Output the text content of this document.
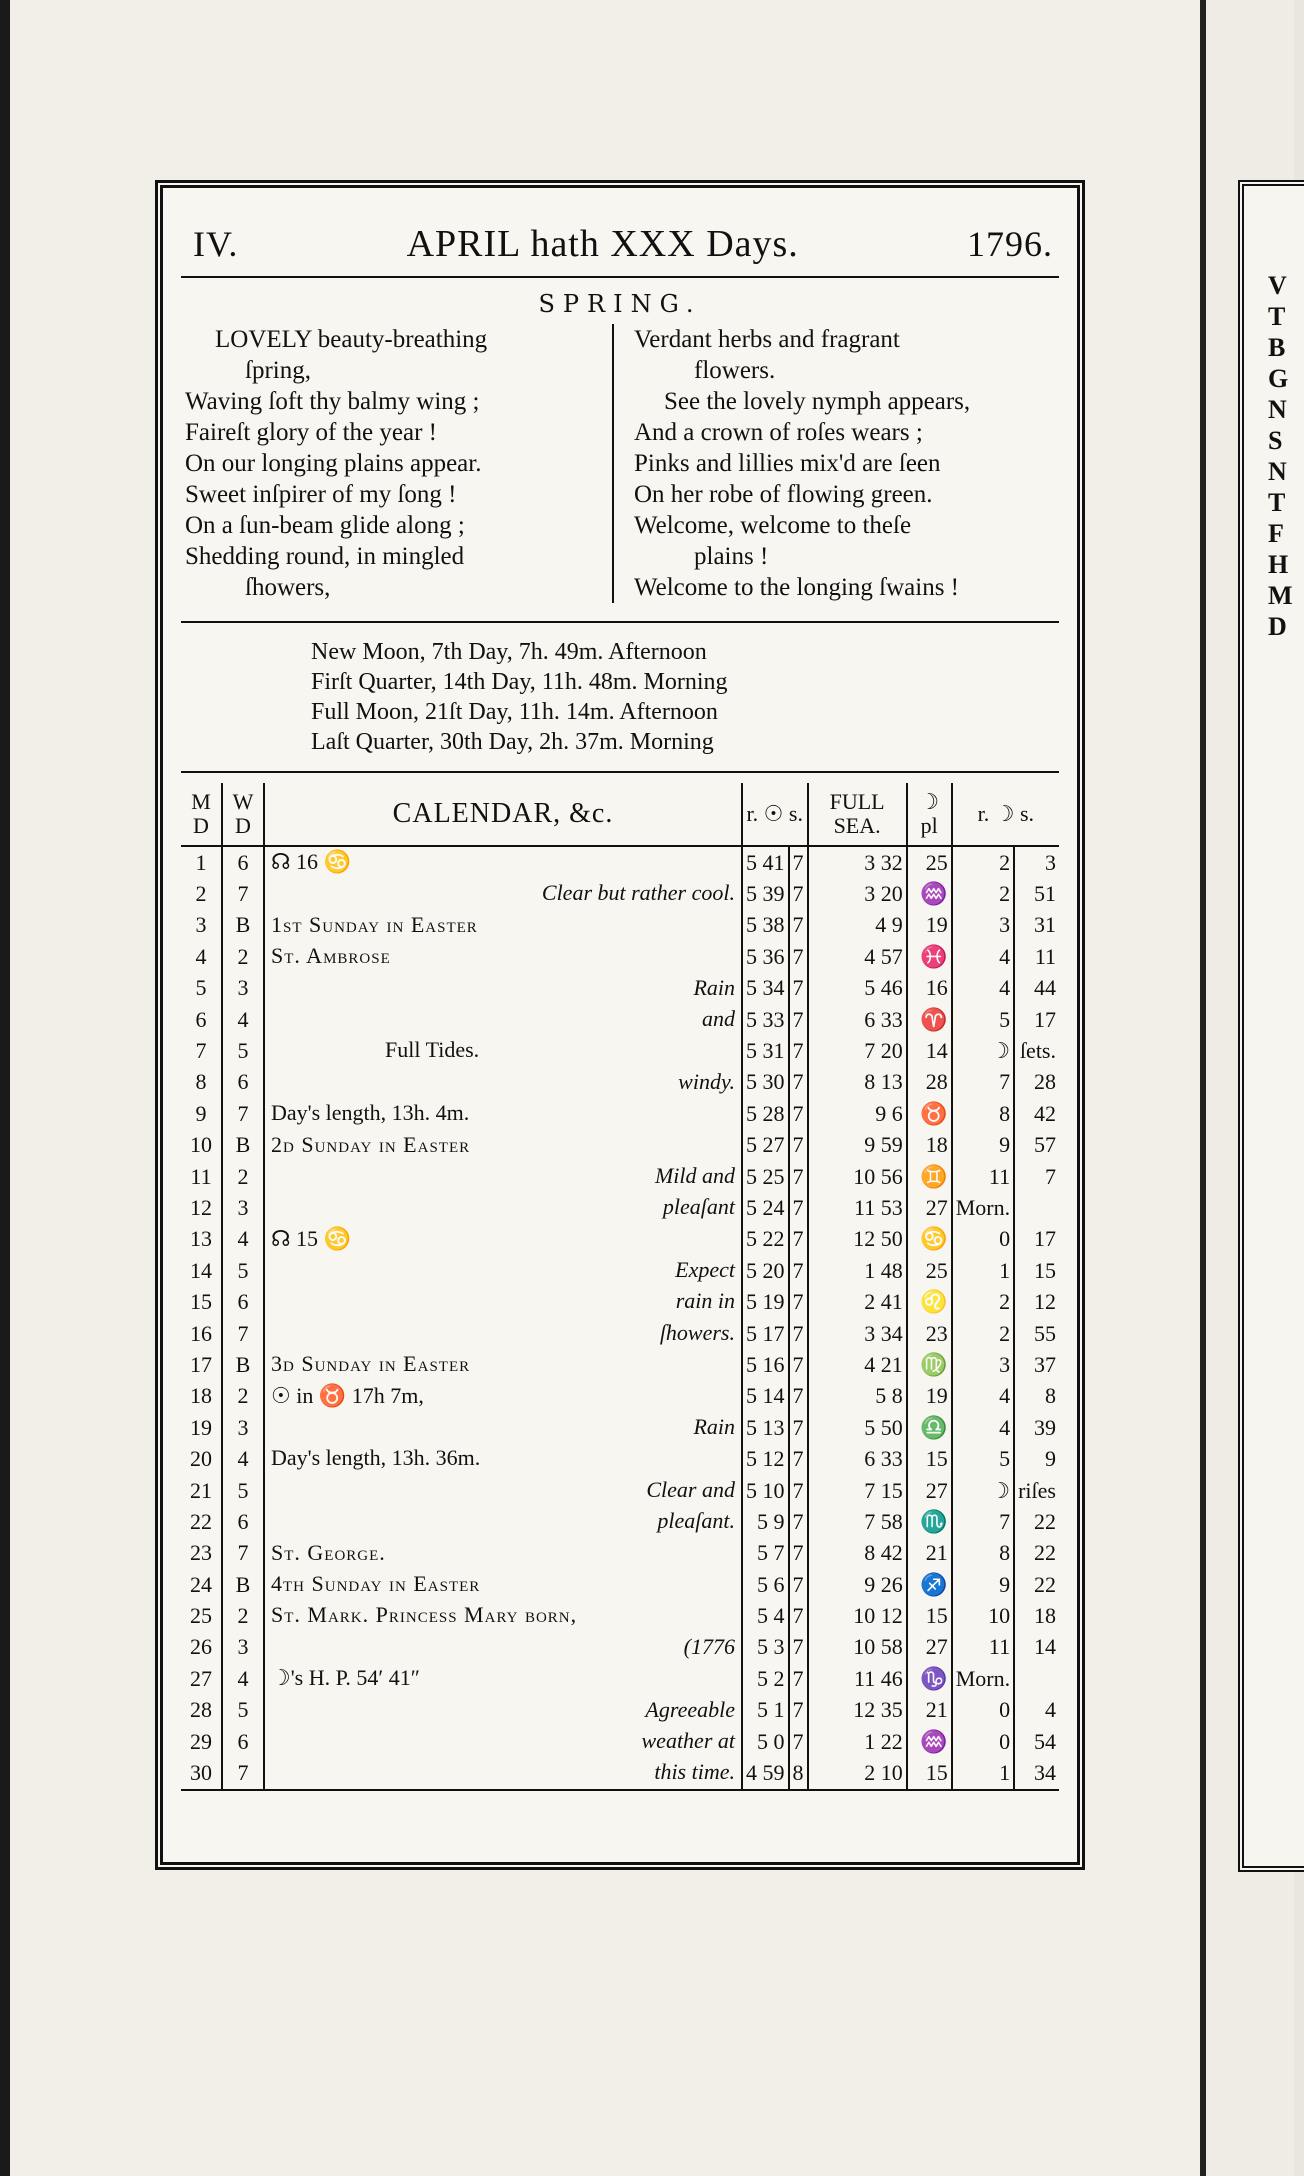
V
T
B
G
N
S
N
T
F
H
M
D
IV.	APRIL hath XXX Days.	1796.
SPRING.
LOVELY beauty-breathing
ſpring,
Waving ſoft thy balmy wing ;
Faireſt glory of the year !
On our longing plains appear.
Sweet inſpirer of my ſong !
On a ſun-beam glide along ;
Shedding round, in mingled
ſhowers,
Verdant herbs and fragrant
flowers.
See the lovely nymph appears,
And a crown of roſes wears ;
Pinks and lillies mix'd are ſeen
On her robe of flowing green.
Welcome, welcome to theſe
plains !
Welcome to the longing ſwains !
New Moon, 7th Day, 7h. 49m. Afternoon
Firſt Quarter, 14th Day, 11h. 48m. Morning
Full Moon, 21ſt Day, 11h. 14m. Afternoon
Laſt Quarter, 30th Day, 2h. 37m. Morning
M D	W D	CALENDAR, &c.	r. ☉ s.		FULL SEA.	☽ pl	r. ☽ s.	
1	6	☊ 16 ♋	5 41	7	3 32	25	2	3
2	7	Clear but rather cool.	5 39	7	3 20	♒	2	51
3	B	1ſt Sunday in Easter	5 38	7	4 9	19	3	31
4	2	St. Ambrose	5 36	7	4 57	♓	4	11
5	3	Rain	5 34	7	5 46	16	4	44
6	4	and	5 33	7	6 33	♈	5	17
7	5	Full Tides.	5 31	7	7 20	14	☽	ſets.
8	6	windy.	5 30	7	8 13	28	7	28
9	7	Day's length, 13h. 4m.	5 28	7	9 6	♉	8	42
10	B	2d Sunday in Easter	5 27	7	9 59	18	9	57
11	2	Mild and	5 25	7	10 56	♊	11	7
12	3	pleaſant	5 24	7	11 53	27	Morn.	
13	4	☊ 15 ♋	5 22	7	12 50	♋	0	17
14	5	Expect	5 20	7	1 48	25	1	15
15	6	rain in	5 19	7	2 41	♌	2	12
16	7	ſhowers.	5 17	7	3 34	23	2	55
17	B	3d Sunday in Easter	5 16	7	4 21	♍	3	37
18	2	☉ in ♉ 17h 7m,	5 14	7	5 8	19	4	8
19	3	Rain	5 13	7	5 50	♎	4	39
20	4	Day's length, 13h. 36m.	5 12	7	6 33	15	5	9
21	5	Clear and	5 10	7	7 15	27	☽	riſes
22	6	pleaſant.	5 9	7	7 58	♏	7	22
23	7	St. George.	5 7	7	8 42	21	8	22
24	B	4th Sunday in Easter	5 6	7	9 26	♐	9	22
25	2	St. Mark. Princeſs Mary born,	5 4	7	10 12	15	10	18
26	3	(1776	5 3	7	10 58	27	11	14
27	4	☽'s H. P. 54′ 41″	5 2	7	11 46	♑	Morn.	
28	5	Agreeable	5 1	7	12 35	21	0	4
29	6	weather at	5 0	7	1 22	♒	0	54
30	7	this time.	4 59	8	2 10	15	1	34
